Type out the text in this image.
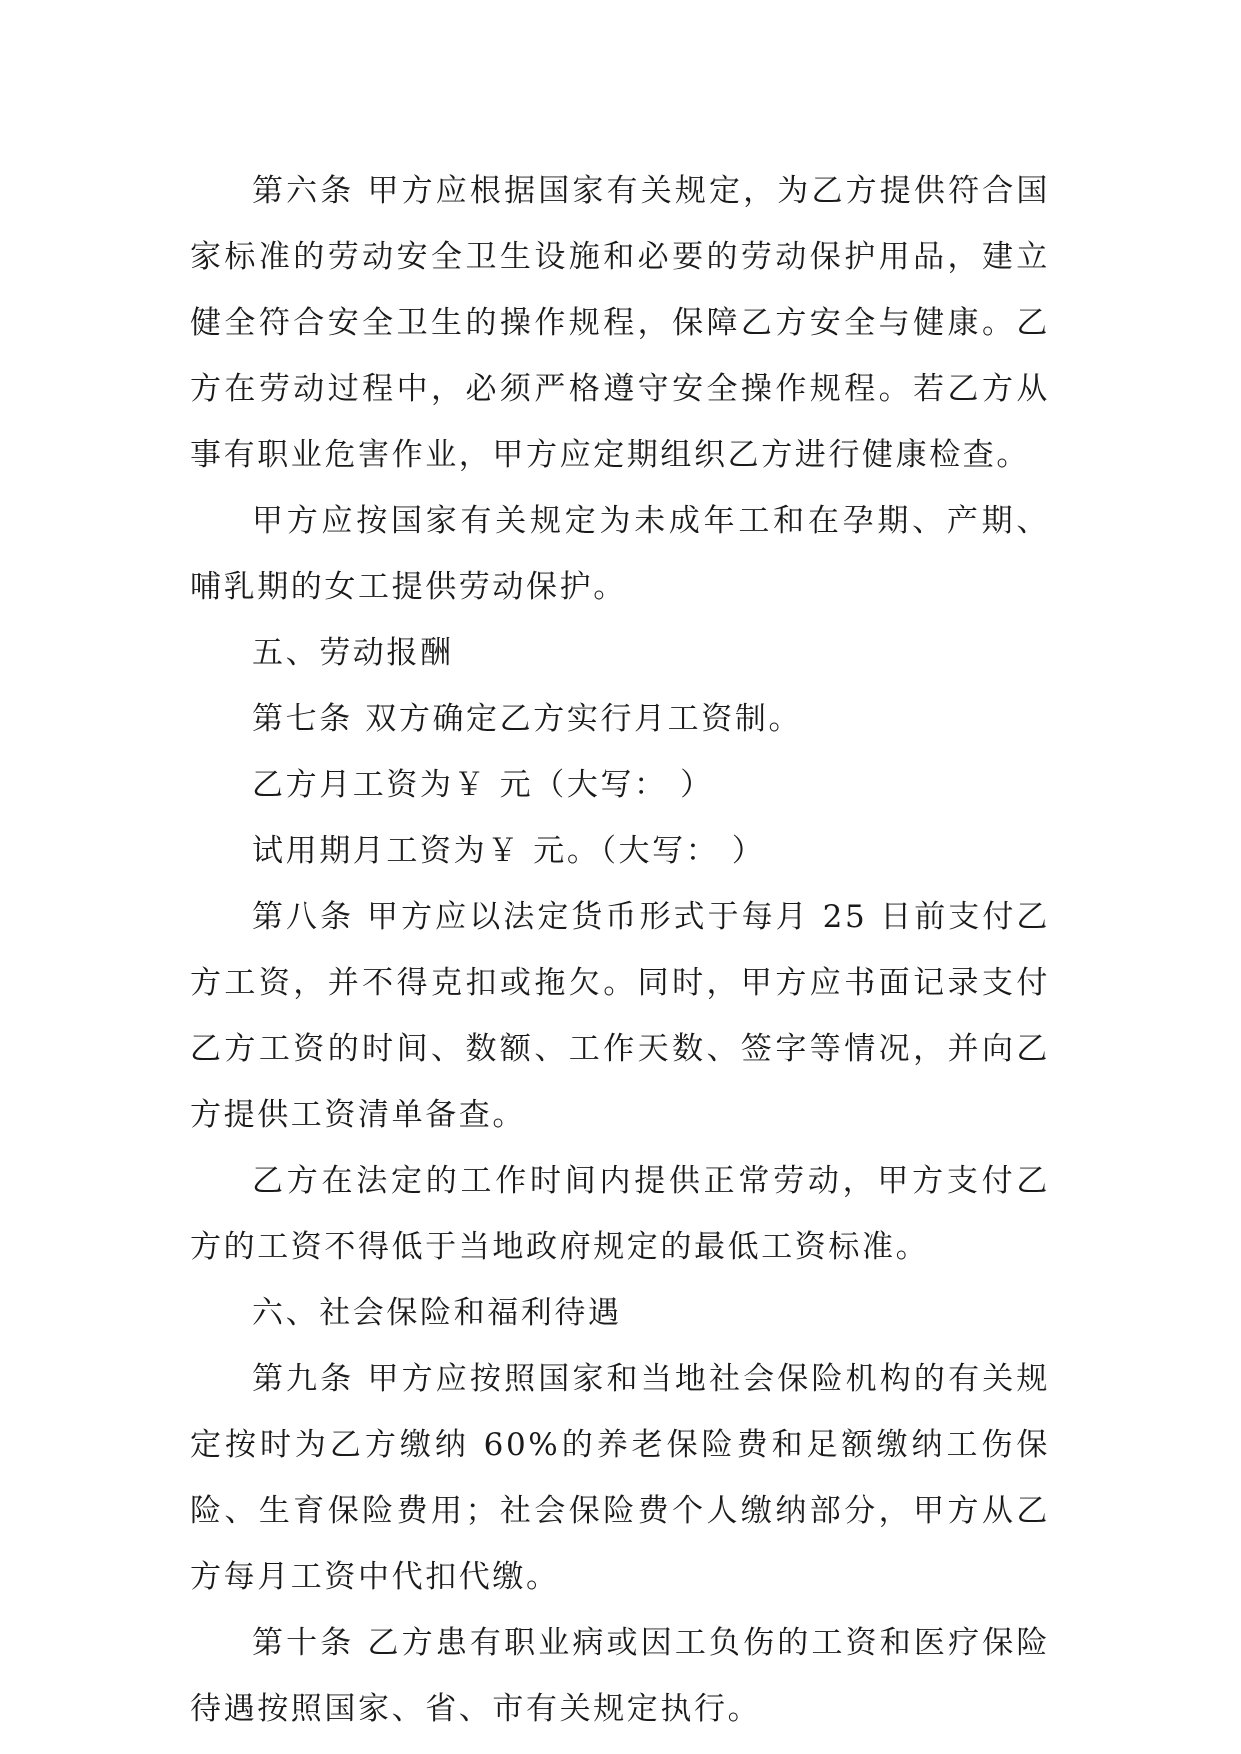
第六条 甲方应根据国家有关规定，为乙方提供符合国家标准的劳动安全卫生设施和必要的劳动保护用品，建立健全符合安全卫生的操作规程，保障乙方安全与健康。乙方在劳动过程中，必须严格遵守安全操作规程。若乙方从事有职业危害作业，甲方应定期组织乙方进行健康检查。

甲方应按国家有关规定为未成年工和在孕期、产期、哺乳期的女工提供劳动保护。

五、劳动报酬

第七条 双方确定乙方实行月工资制。

乙方月工资为￥ 元（大写： ）

试用期月工资为￥ 元。（大写： ）

第八条 甲方应以法定货币形式于每月 25 日前支付乙方工资，并不得克扣或拖欠。同时，甲方应书面记录支付乙方工资的时间、数额、工作天数、签字等情况，并向乙方提供工资清单备查。

乙方在法定的工作时间内提供正常劳动，甲方支付乙方的工资不得低于当地政府规定的最低工资标准。

六、社会保险和福利待遇

第九条 甲方应按照国家和当地社会保险机构的有关规定按时为乙方缴纳 60%的养老保险费和足额缴纳工伤保险、生育保险费用；社会保险费个人缴纳部分，甲方从乙方每月工资中代扣代缴。

第十条 乙方患有职业病或因工负伤的工资和医疗保险待遇按照国家、省、市有关规定执行。
